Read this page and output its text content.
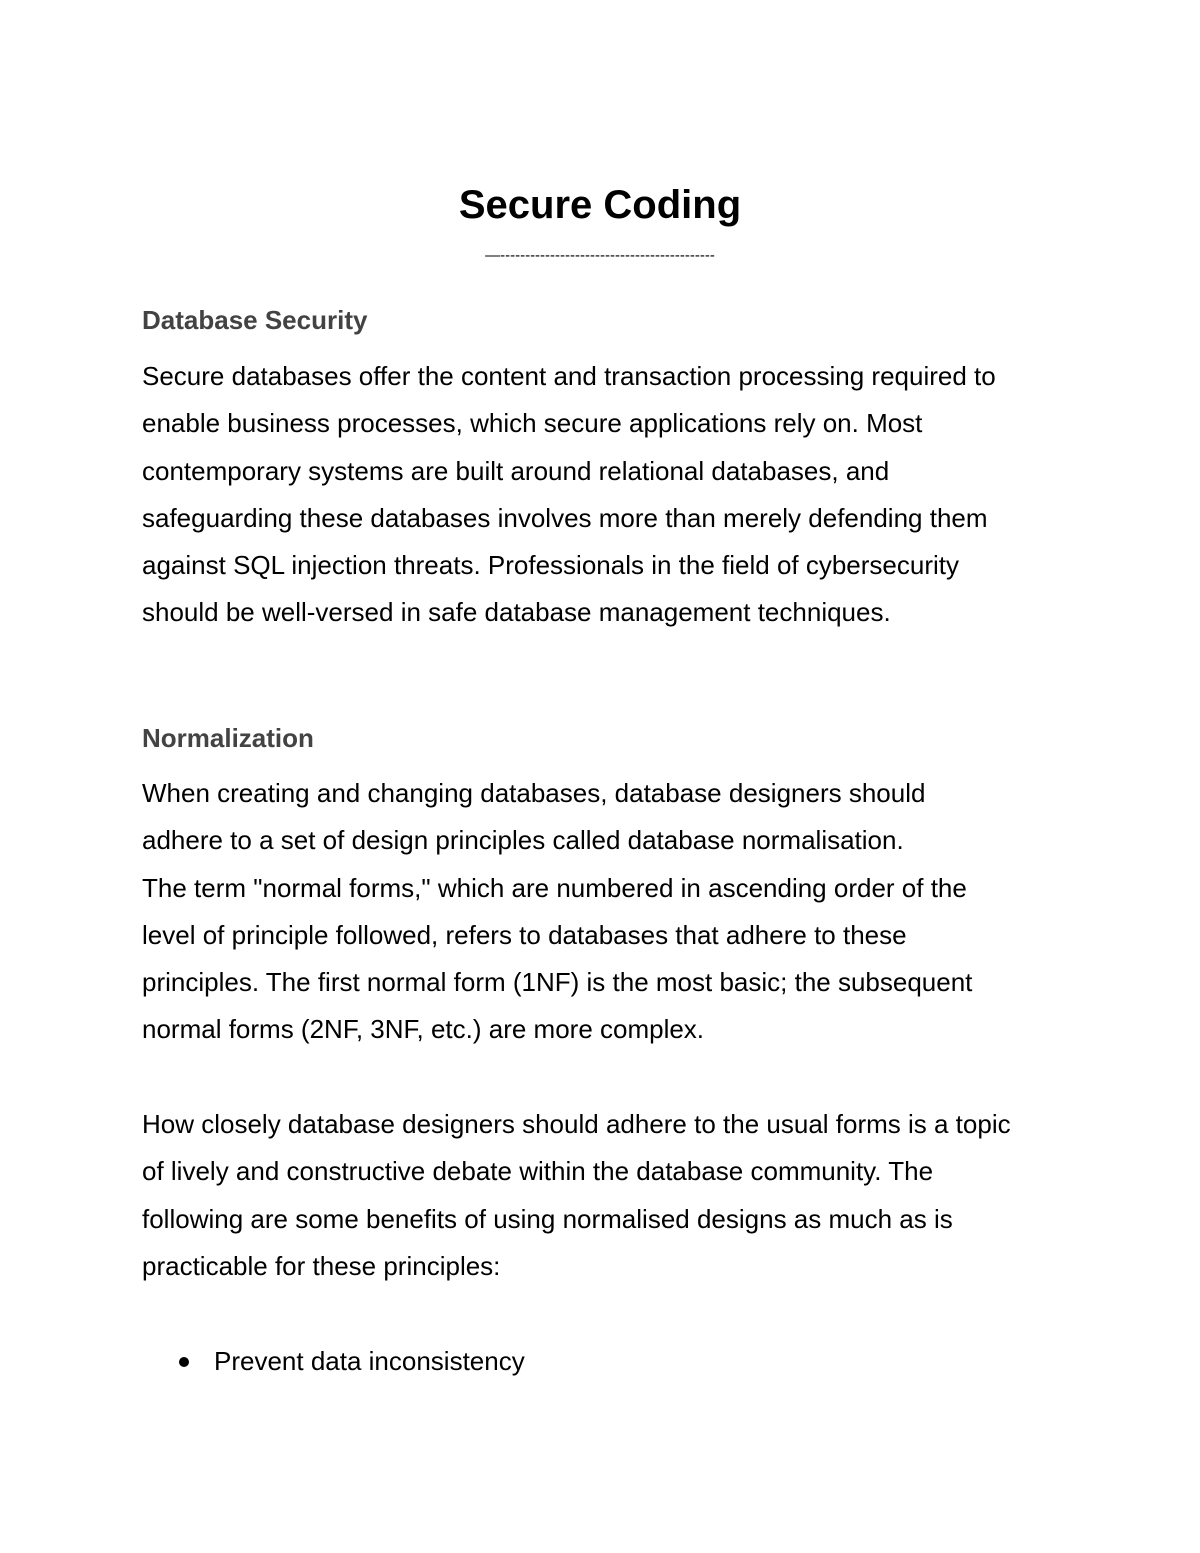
Secure Coding
—-------------------------------------------
Database Security

Secure databases offer the content and transaction processing required to
enable business processes, which secure applications rely on. Most
contemporary systems are built around relational databases, and
safeguarding these databases involves more than merely defending them
against SQL injection threats. Professionals in the field of cybersecurity
should be well-versed in safe database management techniques.

Normalization

When creating and changing databases, database designers should
adhere to a set of design principles called database normalisation.
The term "normal forms," which are numbered in ascending order of the
level of principle followed, refers to databases that adhere to these
principles. The first normal form (1NF) is the most basic; the subsequent
normal forms (2NF, 3NF, etc.) are more complex.

How closely database designers should adhere to the usual forms is a topic
of lively and constructive debate within the database community. The
following are some benefits of using normalised designs as much as is
practicable for these principles:

Prevent data inconsistency
